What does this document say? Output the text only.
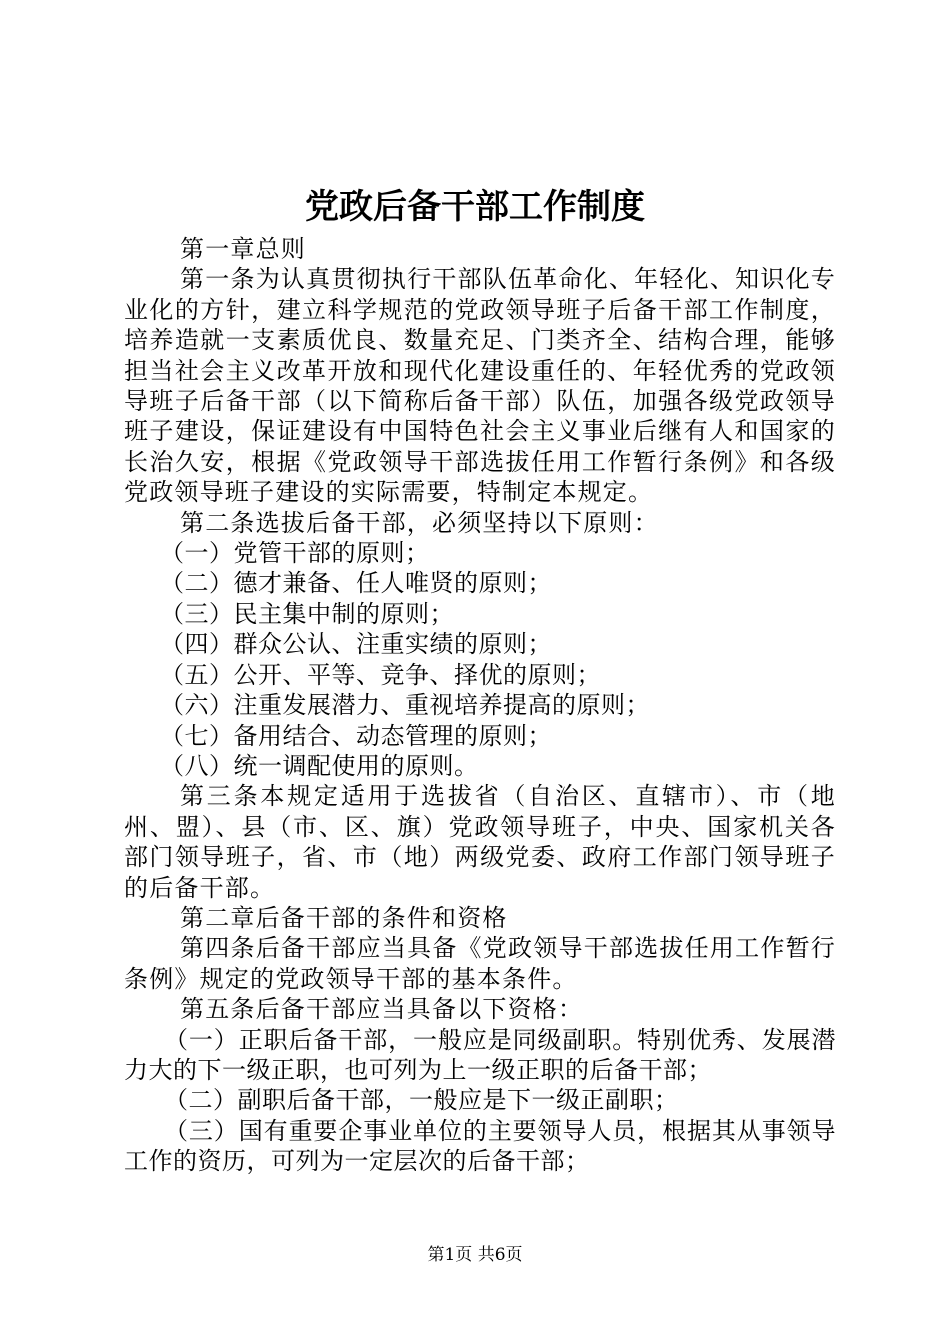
党政后备干部工作制度

第一章总则

第一条为认真贯彻执行干部队伍革命化、年轻化、知识化专业化的方针，建立科学规范的党政领导班子后备干部工作制度，培养造就一支素质优良、数量充足、门类齐全、结构合理，能够担当社会主义改革开放和现代化建设重任的、年轻优秀的党政领导班子后备干部（以下简称后备干部）队伍，加强各级党政领导班子建设，保证建设有中国特色社会主义事业后继有人和国家的长治久安，根据《党政领导干部选拔任用工作暂行条例》和各级党政领导班子建设的实际需要，特制定本规定。

第二条选拔后备干部，必须坚持以下原则：

（一）党管干部的原则；

（二）德才兼备、任人唯贤的原则；

（三）民主集中制的原则；

（四）群众公认、注重实绩的原则；

（五）公开、平等、竞争、择优的原则；

（六）注重发展潜力、重视培养提高的原则；

（七）备用结合、动态管理的原则；

（八）统一调配使用的原则。

第三条本规定适用于选拔省（自治区、直辖市）、市（地州、盟）、县（市、区、旗）党政领导班子，中央、国家机关各部门领导班子，省、市（地）两级党委、政府工作部门领导班子的后备干部。

第二章后备干部的条件和资格

第四条后备干部应当具备《党政领导干部选拔任用工作暂行条例》规定的党政领导干部的基本条件。

第五条后备干部应当具备以下资格：

（一）正职后备干部，一般应是同级副职。特别优秀、发展潜力大的下一级正职，也可列为上一级正职的后备干部；

（二）副职后备干部，一般应是下一级正副职；

（三）国有重要企事业单位的主要领导人员，根据其从事领导工作的资历，可列为一定层次的后备干部；

第1页 共6页
